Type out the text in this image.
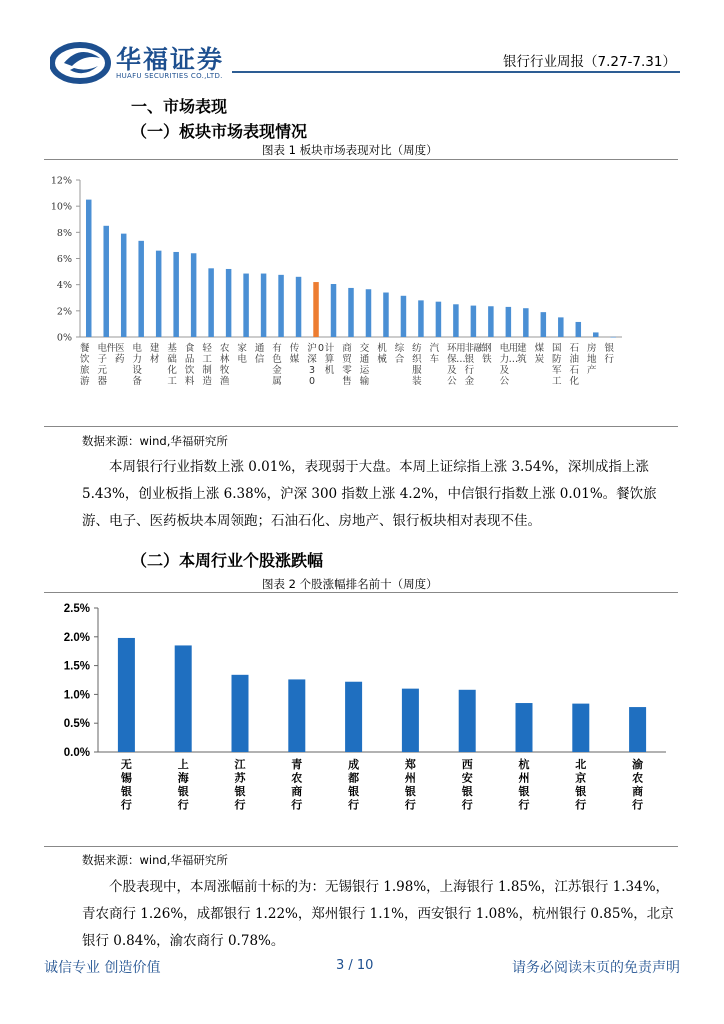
华福证券
HUAFU SECURITIES CO.,LTD.
银行行业周报（7.27-7.31）
一、市场表现
（一）板块市场表现情况
图表 1 板块市场表现对比（周度）
0%
2%
4%
6%
8%
10%
12%
餐饮旅游
电子元器件
医药
电力设备
建材
基础化工
食品饮料
轻工制造
农林牧渔
家电
通信
有色金属
传媒
沪深 3 00 计算机
商贸零售
交通运输
机械
综合
纺织服装
汽车
环保及公用…
非银行金融
钢铁
电力及公用…
建筑
煤炭
国防军工
石油石化
房地产
银行
数据来源：wind,华福研究所
本周银行行业指数上涨 0.01%，表现弱于大盘。本周上证综指上涨 3.54%，深圳成指上涨 5.43%，创业板指上涨 6.38%，沪深 300 指数上涨 4.2%，中信银行指数上涨 0.01%。餐饮旅游、电子、医药板块本周领跑；石油石化、房地产、银行板块相对表现不佳。
（二）本周行业个股涨跌幅
图表 2 个股涨幅排名前十（周度）
0.0%
0.5%
1.0%
1.5%
2.0%
2.5%
无锡银行
上海银行
江苏银行
青农商行
成都银行
郑州银行
西安银行
杭州银行
北京银行
渝农商行
数据来源：wind,华福研究所
个股表现中，本周涨幅前十标的为：无锡银行 1.98%，上海银行 1.85%，江苏银行 1.34%，青农商行 1.26%，成都银行 1.22%，郑州银行 1.1%，西安银行 1.08%，杭州银行 0.85%，北京银行 0.84%，渝农商行 0.78%。
诚信专业 创造价值	3 / 10	请务必阅读末页的免责声明
